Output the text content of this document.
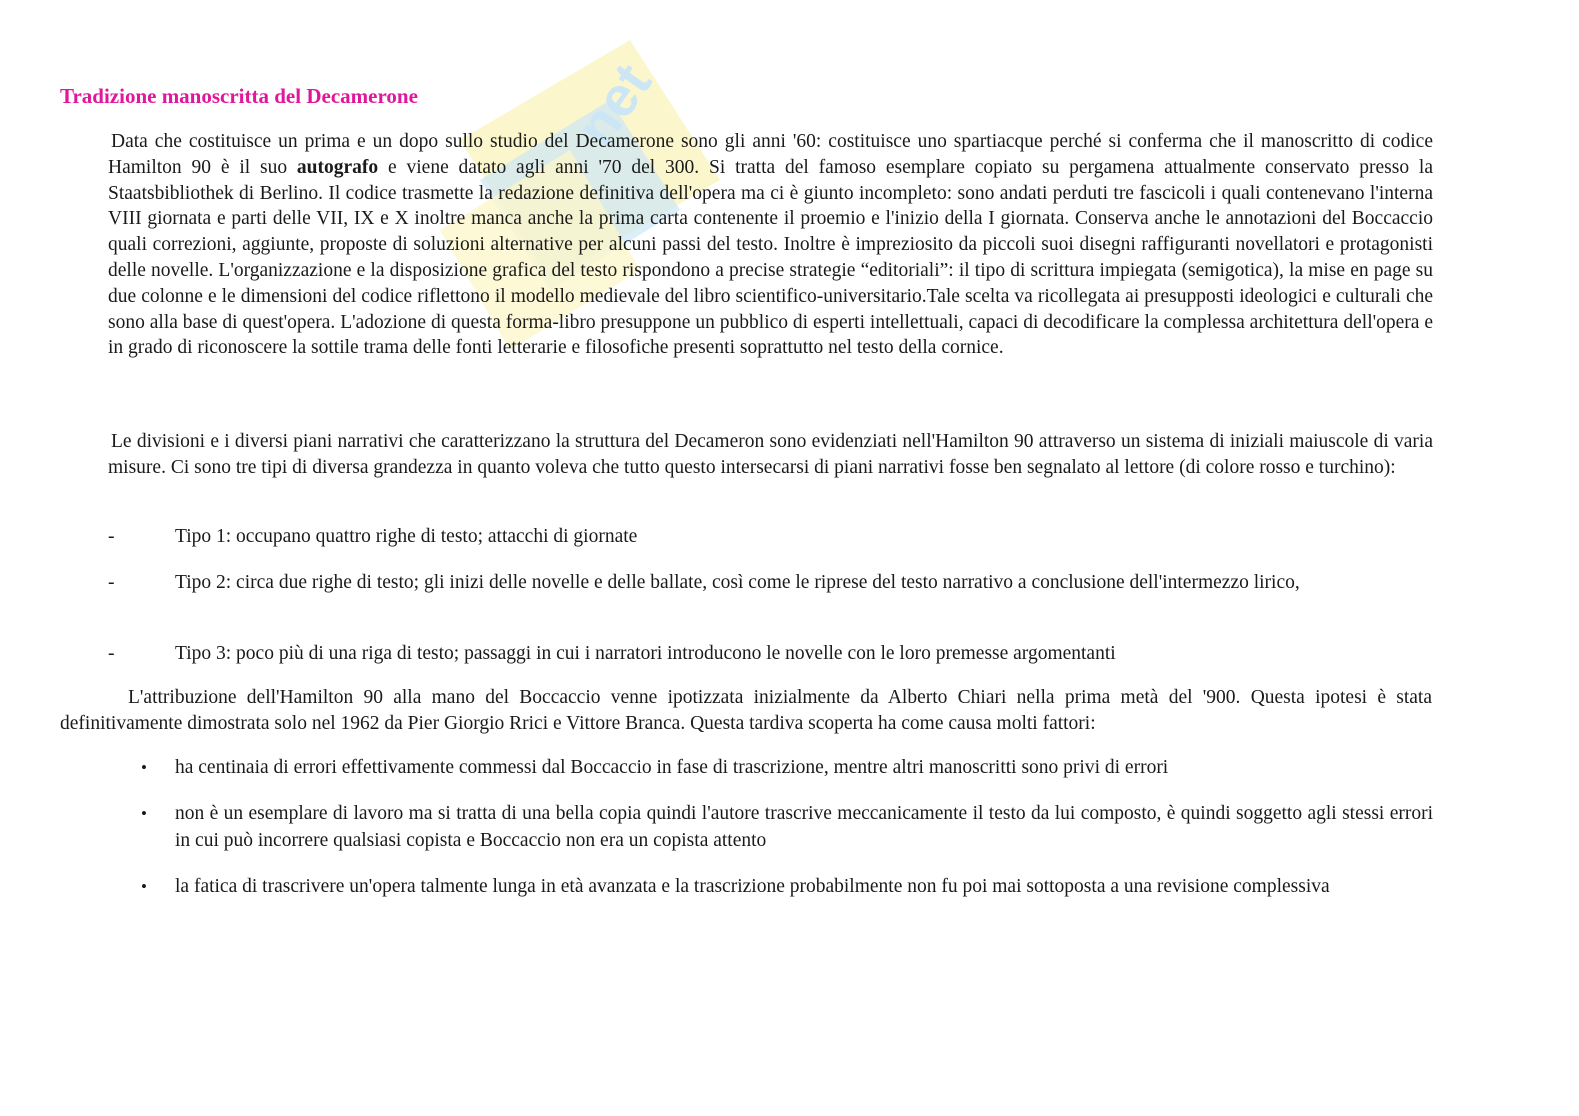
net
Tradizione manoscritta del Decamerone

Data che costituisce un prima e un dopo sullo studio del Decamerone sono gli anni '60: costituisce uno spartiacque perché si conferma che il manoscritto di codice Hamilton 90 è il suo autografo e viene datato agli anni '70 del 300. Si tratta del famoso esemplare copiato su pergamena attualmente conservato presso la Staatsbibliothek di Berlino. Il codice trasmette la redazione definitiva dell'opera ma ci è giunto incompleto: sono andati perduti tre fascicoli i quali contenevano l'interna VIII giornata e parti delle VII, IX e X inoltre manca anche la prima carta contenente il proemio e l'inizio della I giornata. Conserva anche le annotazioni del Boccaccio quali correzioni, aggiunte, proposte di soluzioni alternative per alcuni passi del testo. Inoltre è impreziosito da piccoli suoi disegni raffiguranti novellatori e protagonisti delle novelle. L'organizzazione e la disposizione grafica del testo rispondono a precise strategie “editoriali”: il tipo di scrittura impiegata (semigotica), la mise en page su due colonne e le dimensioni del codice riflettono il modello medievale del libro scientifico-universitario.Tale scelta va ricollegata ai presupposti ideologici e culturali che sono alla base di quest'opera. L'adozione di questa forma-libro presuppone un pubblico di esperti intellettuali, capaci di decodificare la complessa architettura dell'opera e in grado di riconoscere la sottile trama delle fonti letterarie e filosofiche presenti soprattutto nel testo della cornice.

Le divisioni e i diversi piani narrativi che caratterizzano la struttura del Decameron sono evidenziati nell'Hamilton 90 attraverso un sistema di iniziali maiuscole di varia misure. Ci sono tre tipi di diversa grandezza in quanto voleva che tutto questo intersecarsi di piani narrativi fosse ben segnalato al lettore (di colore rosso e turchino):

-	Tipo 1: occupano quattro righe di testo; attacchi di giornate

-	Tipo 2: circa due righe di testo; gli inizi delle novelle e delle ballate, così come le riprese del testo narrativo a conclusione dell'intermezzo lirico,

-	Tipo 3: poco più di una riga di testo; passaggi in cui i narratori introducono le novelle con le loro premesse argomentanti

L'attribuzione dell'Hamilton 90 alla mano del Boccaccio venne ipotizzata inizialmente da Alberto Chiari nella prima metà del '900. Questa ipotesi è stata definitivamente dimostrata solo nel 1962 da Pier Giorgio Rrici e Vittore Branca. Questa tardiva scoperta ha come causa molti fattori:

• ha centinaia di errori effettivamente commessi dal Boccaccio in fase di trascrizione, mentre altri manoscritti sono privi di errori

• non è un esemplare di lavoro ma si tratta di una bella copia quindi l'autore trascrive meccanicamente il testo da lui composto, è quindi soggetto agli stessi errori in cui può incorrere qualsiasi copista e Boccaccio non era un copista attento

• la fatica di trascrivere un'opera talmente lunga in età avanzata e la trascrizione probabilmente non fu poi mai sottoposta a una revisione complessiva
